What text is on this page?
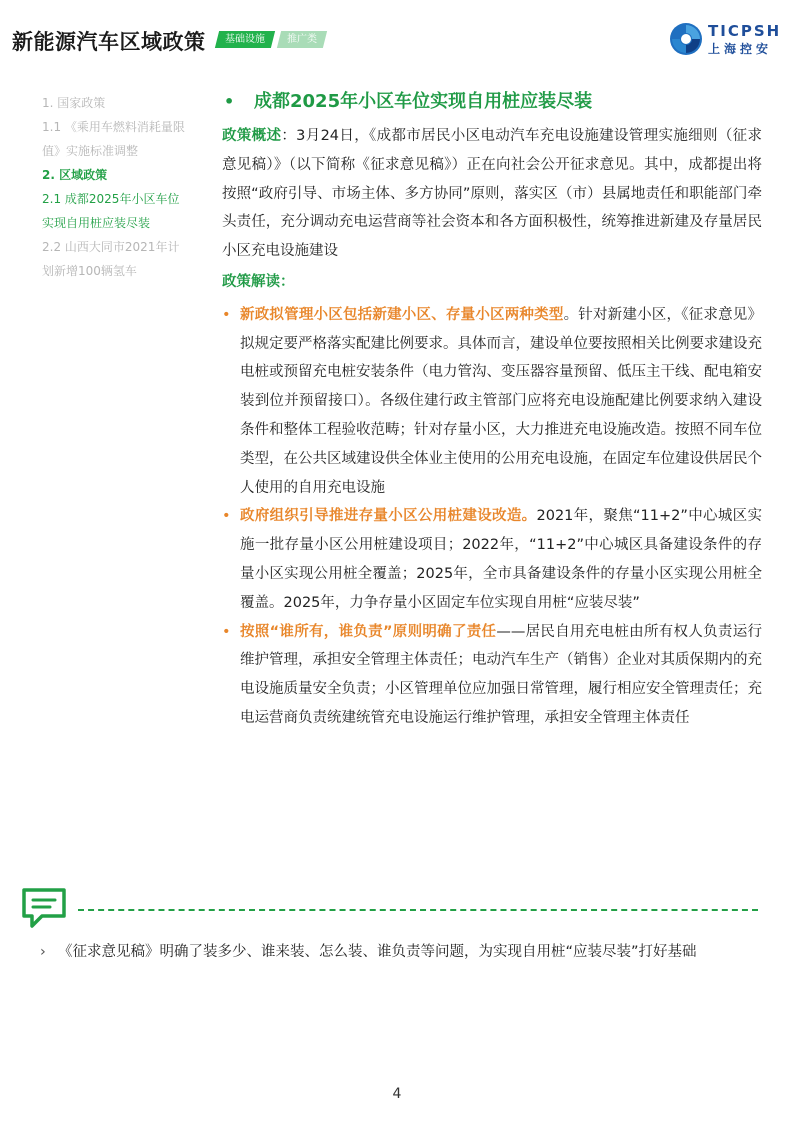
新能源汽车区域政策	基础设施	推广类	TICPSH
上海控安
1. 国家政策
1.1 《乘用车燃料消耗量限
值》实施标准调整
2. 区域政策
2.1 成都2025年小区车位
实现自用桩应装尽装
2.2 山西大同市2021年计
划新增100辆氢车
• 成都2025年小区车位实现自用桩应装尽装

政策概述：3月24日，《成都市居民小区电动汽车充电设施建设管理实施细则（征求意见稿）》（以下简称《征求意见稿》）正在向社会公开征求意见。其中，成都提出将按照“政府引导、市场主体、多方协同”原则，落实区（市）县属地责任和职能部门牵头责任，充分调动充电运营商等社会资本和各方面积极性，统筹推进新建及存量居民小区充电设施建设

政策解读：
• 新政拟管理小区包括新建小区、存量小区两种类型。针对新建小区，《征求意见》拟规定要严格落实配建比例要求。具体而言，建设单位要按照相关比例要求建设充电桩或预留充电桩安装条件（电力管沟、变压器容量预留、低压主干线、配电箱安装到位并预留接口）。各级住建行政主管部门应将充电设施配建比例要求纳入建设条件和整体工程验收范畴；针对存量小区，大力推进充电设施改造。按照不同车位类型，在公共区域建设供全体业主使用的公用充电设施，在固定车位建设供居民个人使用的自用充电设施
• 政府组织引导推进存量小区公用桩建设改造。2021年，聚焦“11+2”中心城区实施一批存量小区公用桩建设项目；2022年，“11+2”中心城区具备建设条件的存量小区实现公用桩全覆盖；2025年，全市具备建设条件的存量小区实现公用桩全覆盖。2025年，力争存量小区固定车位实现自用桩“应装尽装”
• 按照“谁所有，谁负责”原则明确了责任——居民自用充电桩由所有权人负责运行维护管理，承担安全管理主体责任；电动汽车生产（销售）企业对其质保期内的充电设施质量安全负责；小区管理单位应加强日常管理，履行相应安全管理责任；充电运营商负责统建统管充电设施运行维护管理，承担安全管理主体责任
› 《征求意见稿》明确了装多少、谁来装、怎么装、谁负责等问题，为实现自用桩“应装尽装”打好基础
4
